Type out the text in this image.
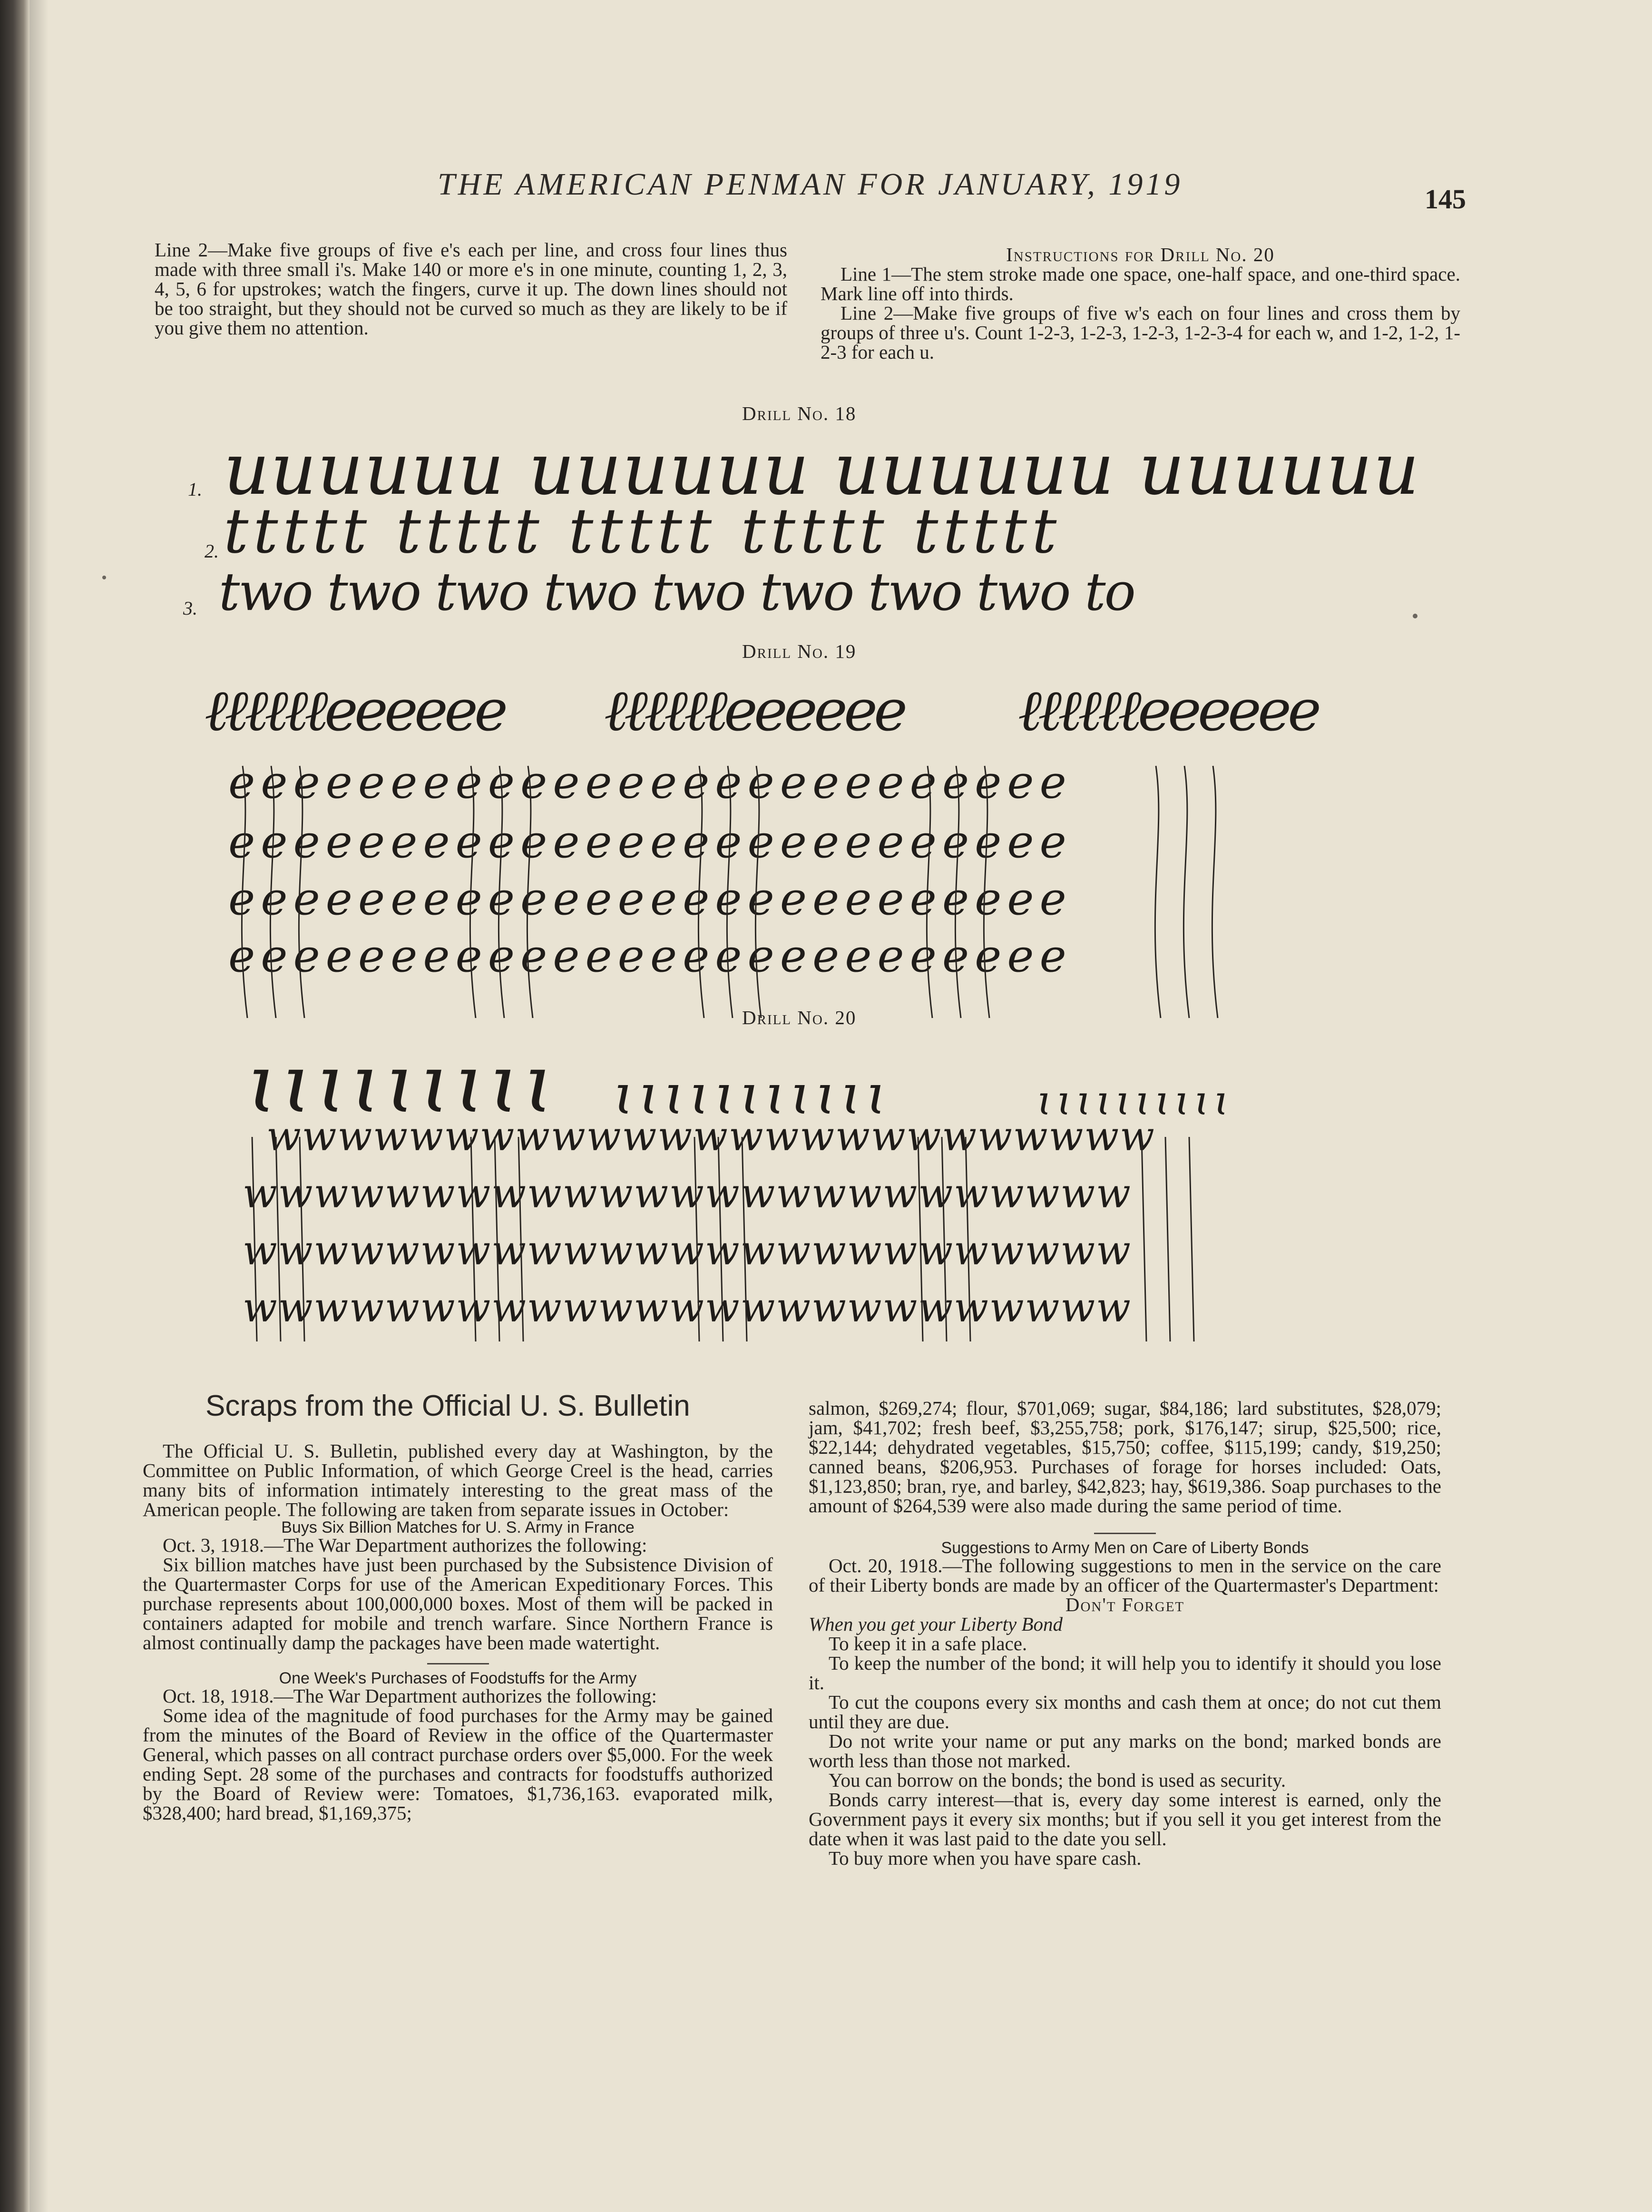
THE AMERICAN PENMAN FOR JANUARY, 1919	145

Line 2—Make five groups of five e's each per line, and cross four lines thus made with three small i's. Make 140 or more e's in one minute, counting 1, 2, 3, 4, 5, 6 for upstrokes; watch the fingers, curve it up. The down lines should not be too straight, but they should not be curved so much as they are likely to be if you give them no attention.

Instructions for Drill No. 20

Line 1—The stem stroke made one space, one-half space, and one-third space. Mark line off into thirds.

Line 2—Make five groups of five w's each on four lines and cross them by groups of three u's. Count 1-2-3, 1-2-3, 1-2-3, 1-2-3-4 for each w, and 1-2, 1-2, 1-2-3 for each u.

Drill No. 18
1.
2.
3.
uuuuuu uuuuuu uuuuuu uuuuuu
ttttt ttttt ttttt ttttt ttttt
two two two two two two two two to
Drill No. 19
ℓℓℓℓℓℓeeeeee ℓℓℓℓℓℓeeeeee ℓℓℓℓℓℓeeeeee
eeeeeeeeeeeeeeeeeeeeeeeeee
eeeeeeeeeeeeeeeeeeeeeeeeee
eeeeeeeeeeeeeeeeeeeeeeeeee
eeeeeeeeeeeeeeeeeeeeeeeeee
Drill No. 20
ɩɩɩɩɩɩɩɩɩ ɩɩɩɩɩɩɩɩɩɩɩ	ɩɩɩɩɩɩɩɩɩɩ
wwwwwwwwwwwwwwwwwwwwwwwww
wwwwwwwwwwwwwwwwwwwwwwwww
wwwwwwwwwwwwwwwwwwwwwwwww
wwwwwwwwwwwwwwwwwwwwwwwww
Scraps from the Official U. S. Bulletin

The Official U. S. Bulletin, published every day at Washington, by the Committee on Public Information, of which George Creel is the head, carries many bits of information intimately interesting to the great mass of the American people. The following are taken from separate issues in October:

Buys Six Billion Matches for U. S. Army in France

Oct. 3, 1918.—The War Department authorizes the following:

Six billion matches have just been purchased by the Subsistence Division of the Quartermaster Corps for use of the American Expeditionary Forces. This purchase represents about 100,000,000 boxes. Most of them will be packed in containers adapted for mobile and trench warfare. Since Northern France is almost continually damp the packages have been made watertight.

One Week's Purchases of Foodstuffs for the Army

Oct. 18, 1918.—The War Department authorizes the following:

Some idea of the magnitude of food purchases for the Army may be gained from the minutes of the Board of Review in the office of the Quartermaster General, which passes on all contract purchase orders over $5,000. For the week ending Sept. 28 some of the purchases and contracts for foodstuffs authorized by the Board of Review were: Tomatoes, $1,736,163. evaporated milk, $328,400; hard bread, $1,169,375;

salmon, $269,274; flour, $701,069; sugar, $84,186; lard substitutes, $28,079; jam, $41,702; fresh beef, $3,255,758; pork, $176,147; sirup, $25,500; rice, $22,144; dehydrated vegetables, $15,750; coffee, $115,199; candy, $19,250; canned beans, $206,953. Purchases of forage for horses included: Oats, $1,123,850; bran, rye, and barley, $42,823; hay, $619,386. Soap purchases to the amount of $264,539 were also made during the same period of time.

Suggestions to Army Men on Care of Liberty Bonds

Oct. 20, 1918.—The following suggestions to men in the service on the care of their Liberty bonds are made by an officer of the Quartermaster's Department:

Don't Forget

When you get your Liberty Bond

To keep it in a safe place.

To keep the number of the bond; it will help you to identify it should you lose it.

To cut the coupons every six months and cash them at once; do not cut them until they are due.

Do not write your name or put any marks on the bond; marked bonds are worth less than those not marked.

You can borrow on the bonds; the bond is used as security.

Bonds carry interest—that is, every day some interest is earned, only the Government pays it every six months; but if you sell it you get interest from the date when it was last paid to the date you sell.

To buy more when you have spare cash.
